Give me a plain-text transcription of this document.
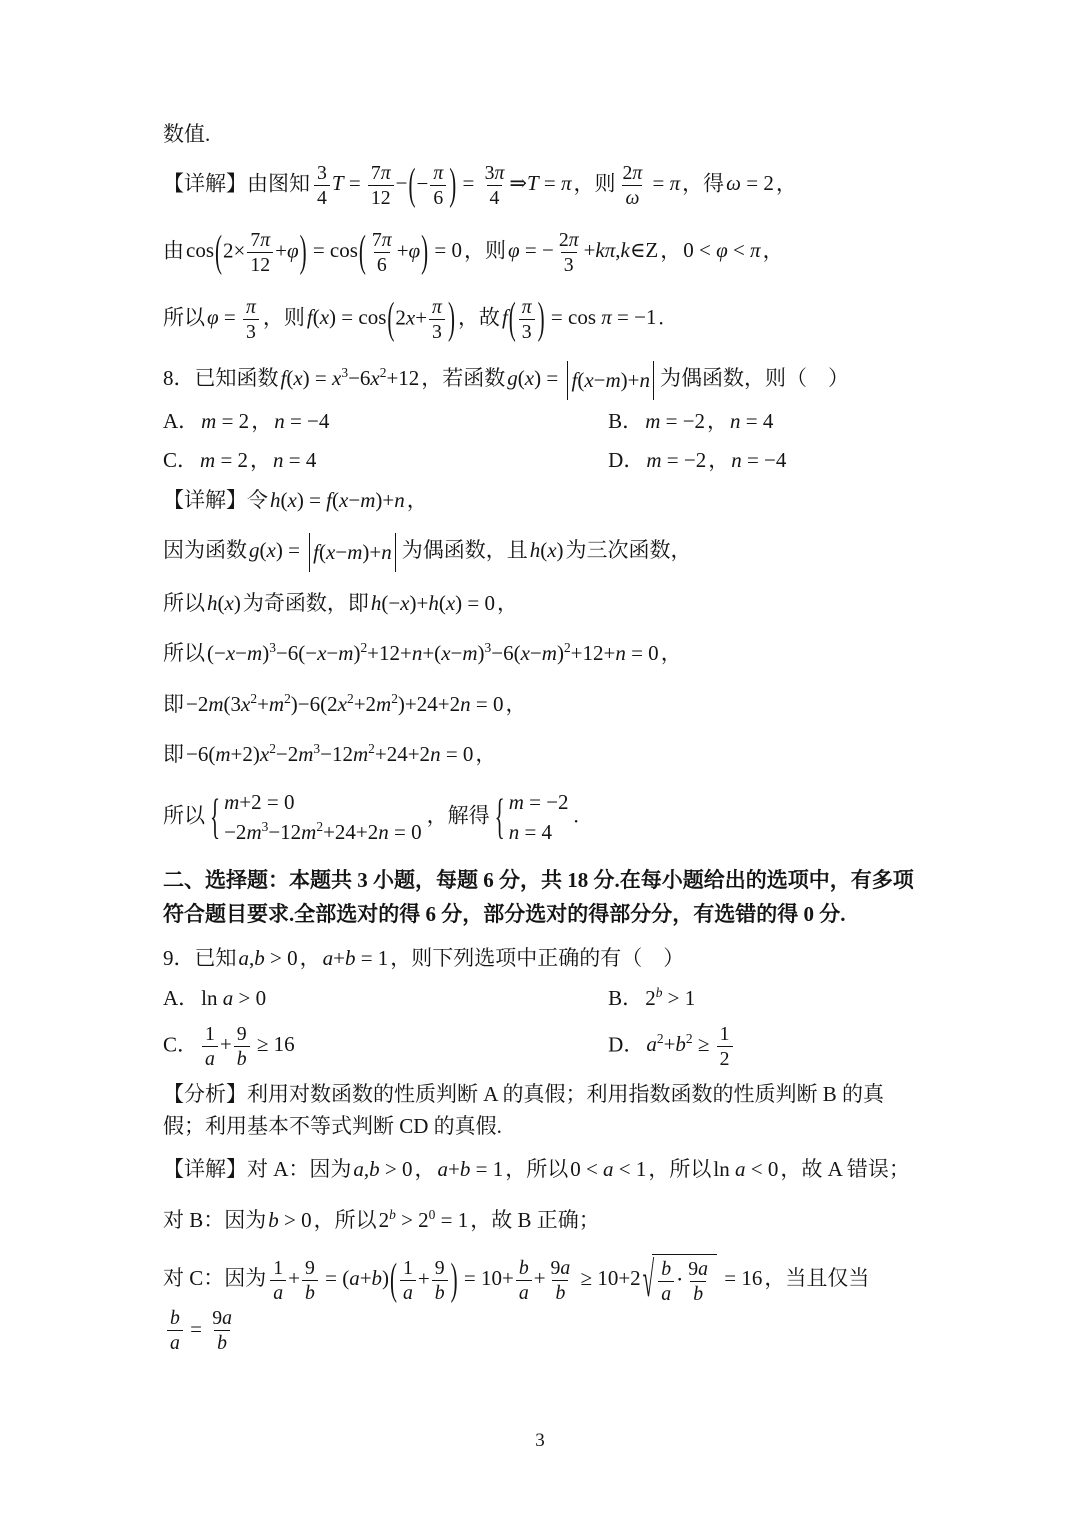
数值.
【详解】由图知 $\frac{3}{4}$ $T = \frac{7\pi}{12}$ − ( − $\frac{\pi}{6}$ ) = $\frac{3\pi}{4}$ ⇒T = π，则 $\frac{2\pi}{\omega} = \pi$，得ω = 2，
由cos ( $2\times \frac{7\pi}{12} +\varphi$ ) = cos ( $\frac{7\pi}{6} +\varphi$ ) = 0，则φ = − $\frac{2\pi}{3}$ +kπ,k∈Z，0 < φ < π，
所以$\varphi = \frac{\pi}{3}$ ，则f(x) = cos ( $2x+ \frac{\pi}{3}$ ) ，故f ( $\frac{\pi}{3}$ ) = cos π = −1.
8．已知函数$f(x) = x^3-6x^2+12$，若函数g(x) = f(x−m)+n 为偶函数，则（　）
A．m = 2，n = −4	B．m = −2，n = 4
C．m = 2，n = 4	D．m = −2，n = −4
【详解】令h(x) = f(x−m)+n，
因为函数g(x) = f(x−m)+n 为偶函数，且h(x)为三次函数，
所以h(x)为奇函数，即h(−x)+h(x) = 0，
所以$(-x-m)^3-6(-x-m)^2+12+n+(x-m)^3-6(x-m)^2+12+n = 0$，
即$-2m(3x^2+m^2)-6(2x^2+2m^2)+24+2n = 0$，
即$-6(m+2)x^2-2m^3-12m^2+24+2n = 0$，
所以 { m+2 = 0
$-2m^3-12m^2+24+2n = 0$
，解得 { m = −2
n = 4
.
二、选择题：本题共 3 小题，每题 6 分，共 18 分.在每小题给出的选项中，有多项符合题目要求.全部选对的得 6 分，部分选对的得部分分，有选错的得 0 分.
9．已知a,b > 0，a+b = 1，则下列选项中正确的有（　）
A．ln a > 0	B．$2^b > 1$
C． $\frac{1}{a} + \frac{9}{b} \ge 16$	D．$a^2+b^2 \ge \frac{1}{2}$
【分析】利用对数函数的性质判断 A 的真假；利用指数函数的性质判断 B 的真假；利用基本不等式判断 CD 的真假.
【详解】对 A：因为a,b > 0，a+b = 1，所以0 < a < 1，所以ln a < 0，故 A 错误；
对 B：因为b > 0，所以$2^b > 2^0 = 1$，故 B 正确；
对 C：因为 $\frac{1}{a} + \frac{9}{b} = (a+b)$ ( $\frac{1}{a} + \frac{9}{b}$ ) = $10+ \frac{b}{a} + \frac{9a}{b} \ge 10+2$ √ $\frac{b}{a} \cdot \frac{9a}{b} = 16$，当且仅当
$\frac{b}{a} = \frac{9a}{b}$
3
